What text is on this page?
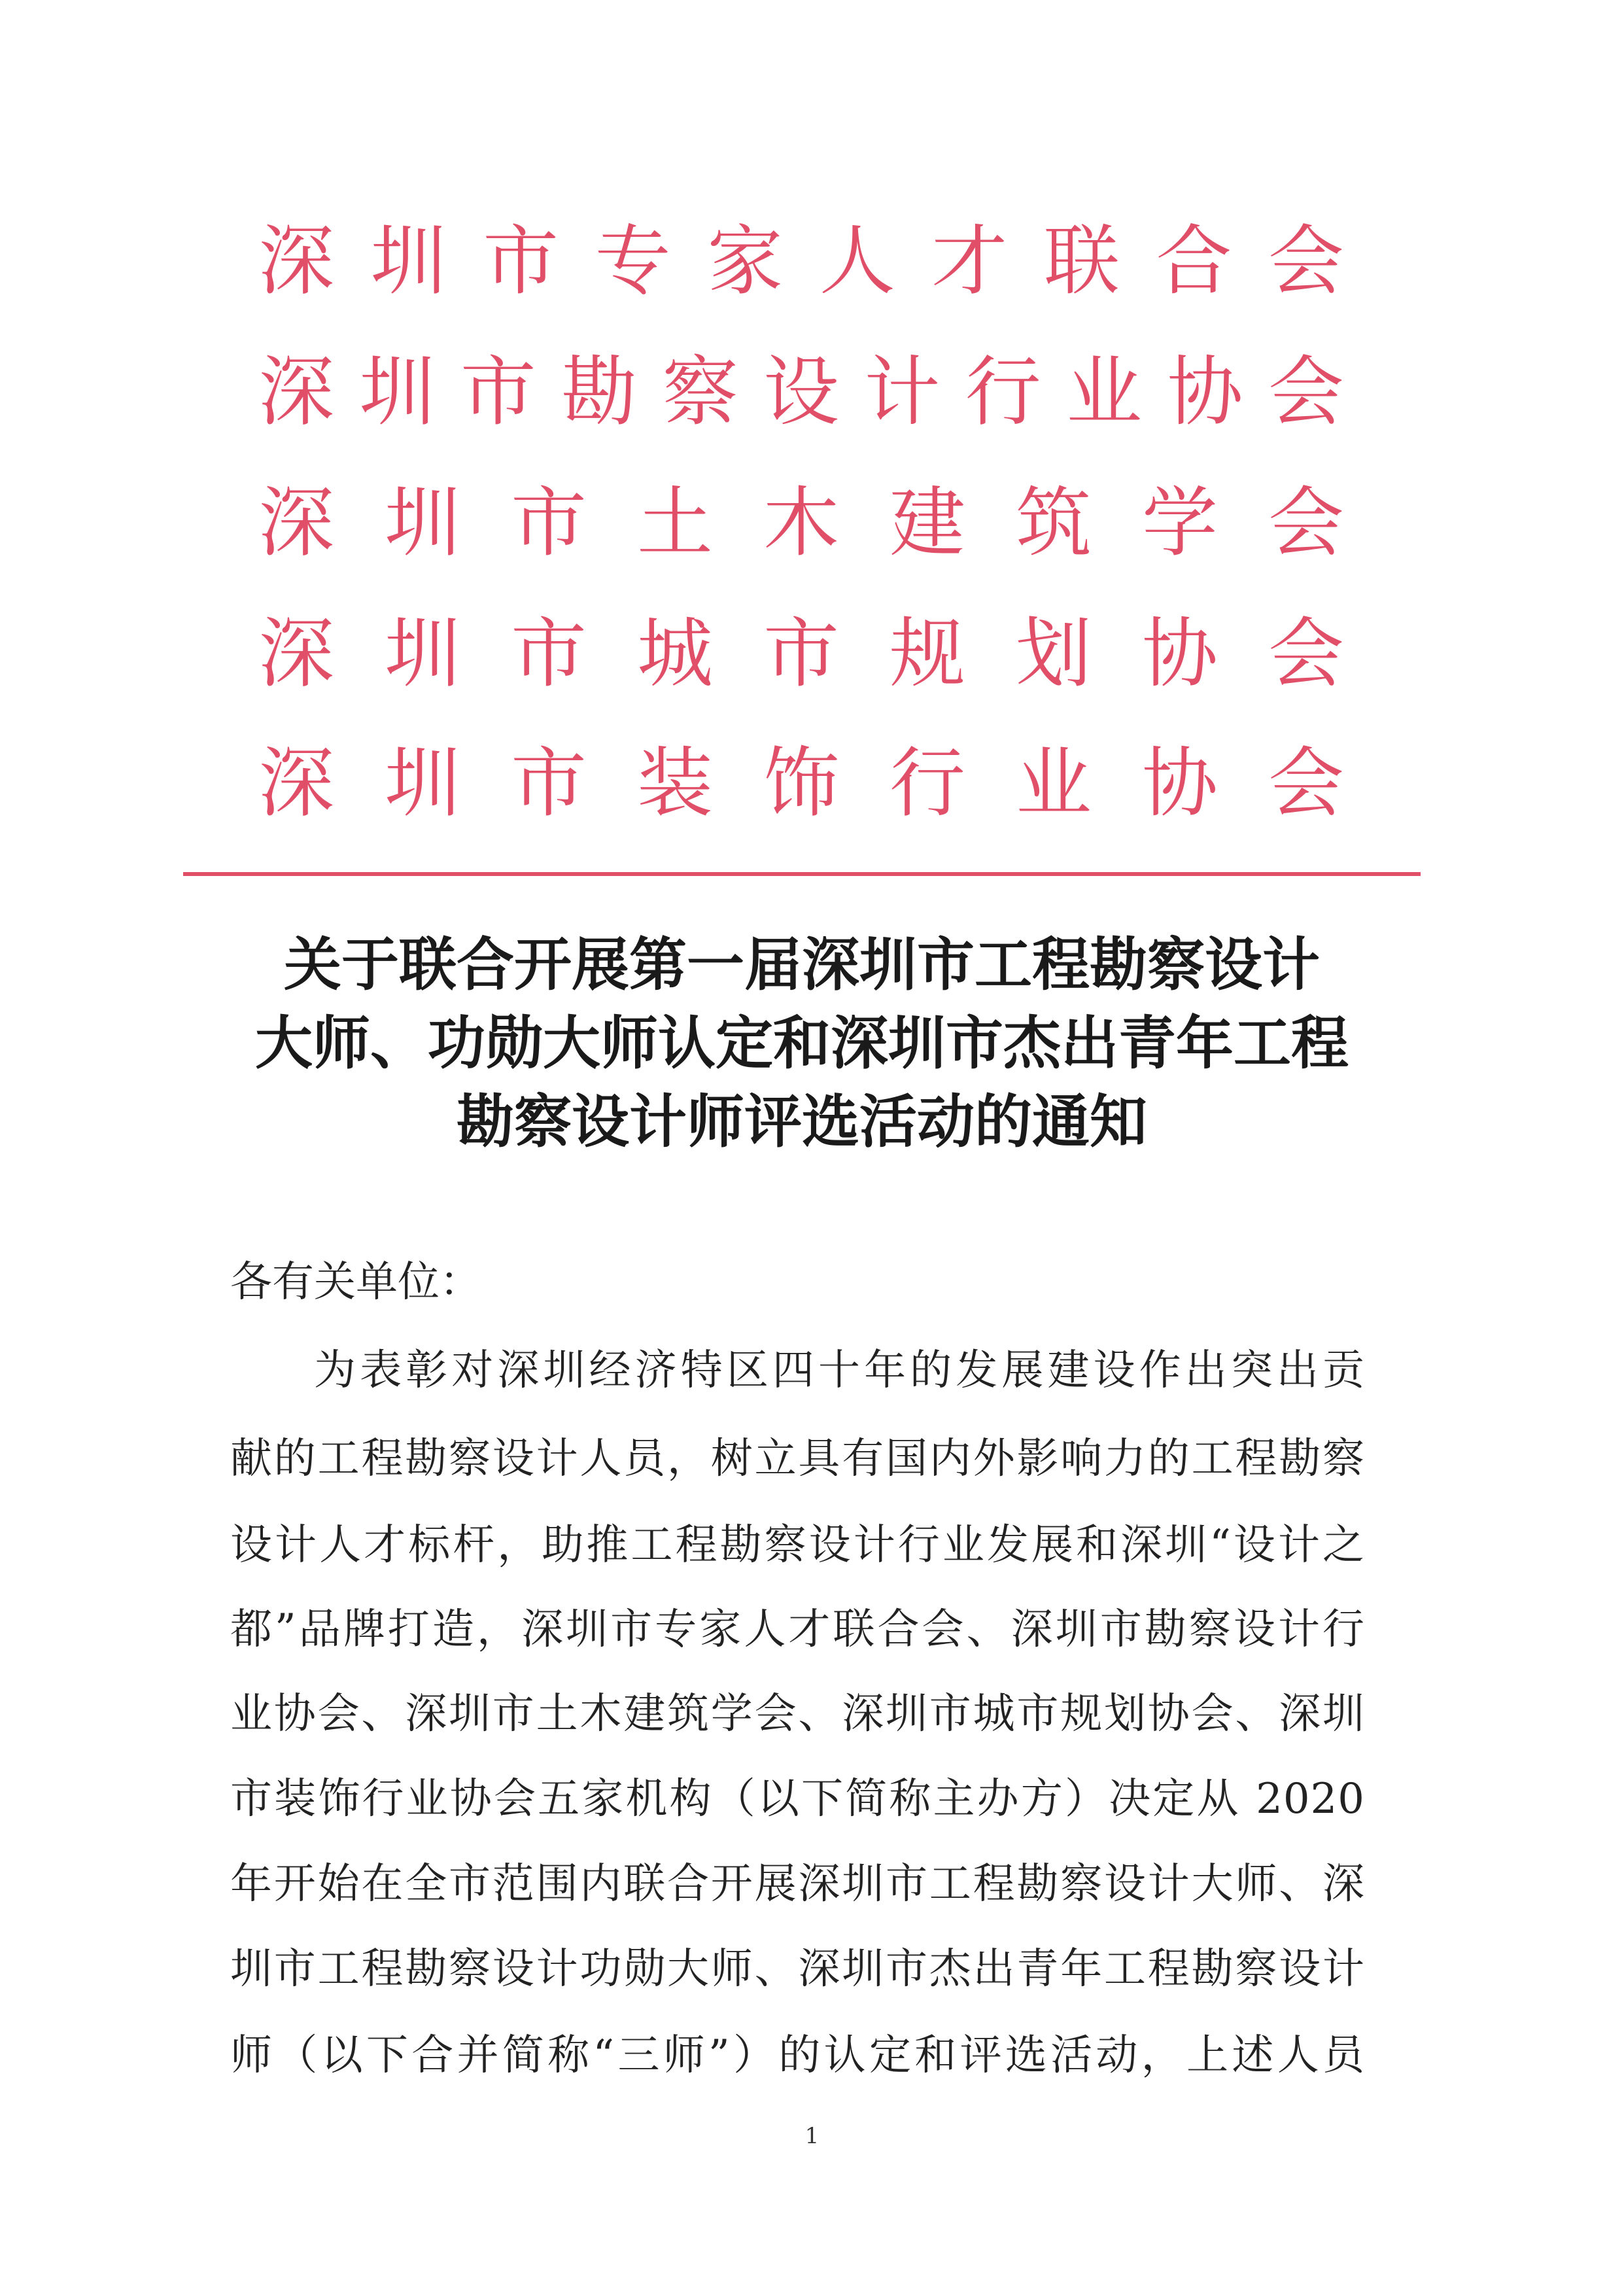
深 圳 市 专 家 人 才 联 合 会
深 圳 市 勘 察 设 计 行 业 协 会
深 圳 市 土 木 建 筑 学 会
深 圳 市 城 市 规 划 协 会
深 圳 市 装 饰 行 业 协 会
关于联合开展第一届深圳市工程勘察设计
大师、功勋大师认定和深圳市杰出青年工程
勘察设计师评选活动的通知
各有关单位：
为表彰对深圳经济特区四十年的发展建设作出突出贡
献的工程勘察设计人员，树立具有国内外影响力的工程勘察
设计人才标杆，助推工程勘察设计行业发展和深圳“设计之
都”品牌打造，深圳市专家人才联合会、深圳市勘察设计行
业协会、深圳市土木建筑学会、深圳市城市规划协会、深圳
市装饰行业协会五家机构（以下简称主办方）决定从 2020
年开始在全市范围内联合开展深圳市工程勘察设计大师、深
圳市工程勘察设计功勋大师、深圳市杰出青年工程勘察设计
师（以下合并简称“三师”）的认定和评选活动，上述人员
1
